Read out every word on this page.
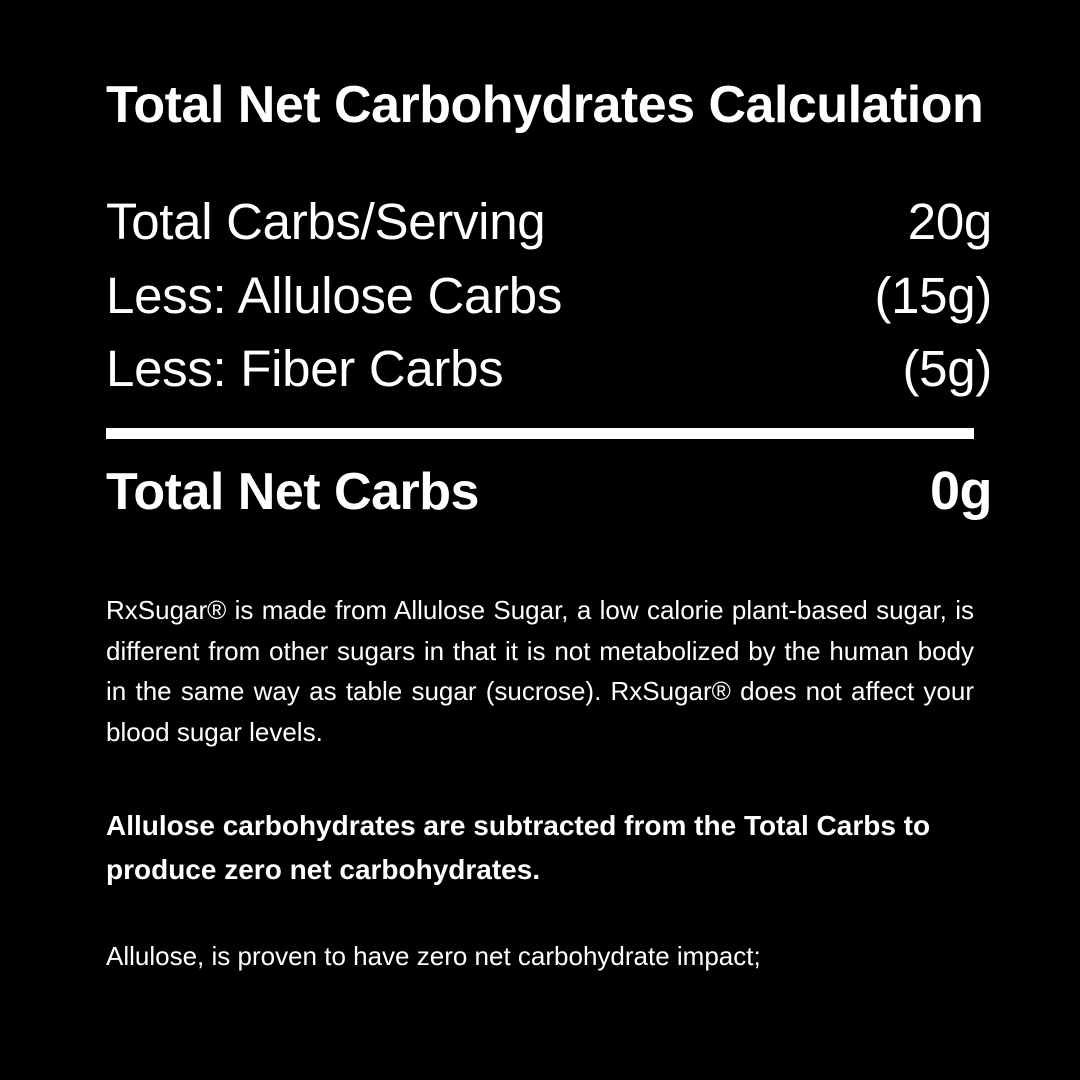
Total Net Carbohydrates Calculation
Total Carbs/Serving	20g
Less: Allulose Carbs	(15g)
Less: Fiber Carbs	(5g)
Total Net Carbs	0g

RxSugar® is made from Allulose Sugar, a low calorie plant-based sugar, is different from other sugars in that it is not metabolized by the human body in the same way as table sugar (sucrose). RxSugar® does not affect your blood sugar levels.

Allulose carbohydrates are subtracted from the Total Carbs to produce zero net carbohydrates.

Allulose, is proven to have zero net carbohydrate impact;
